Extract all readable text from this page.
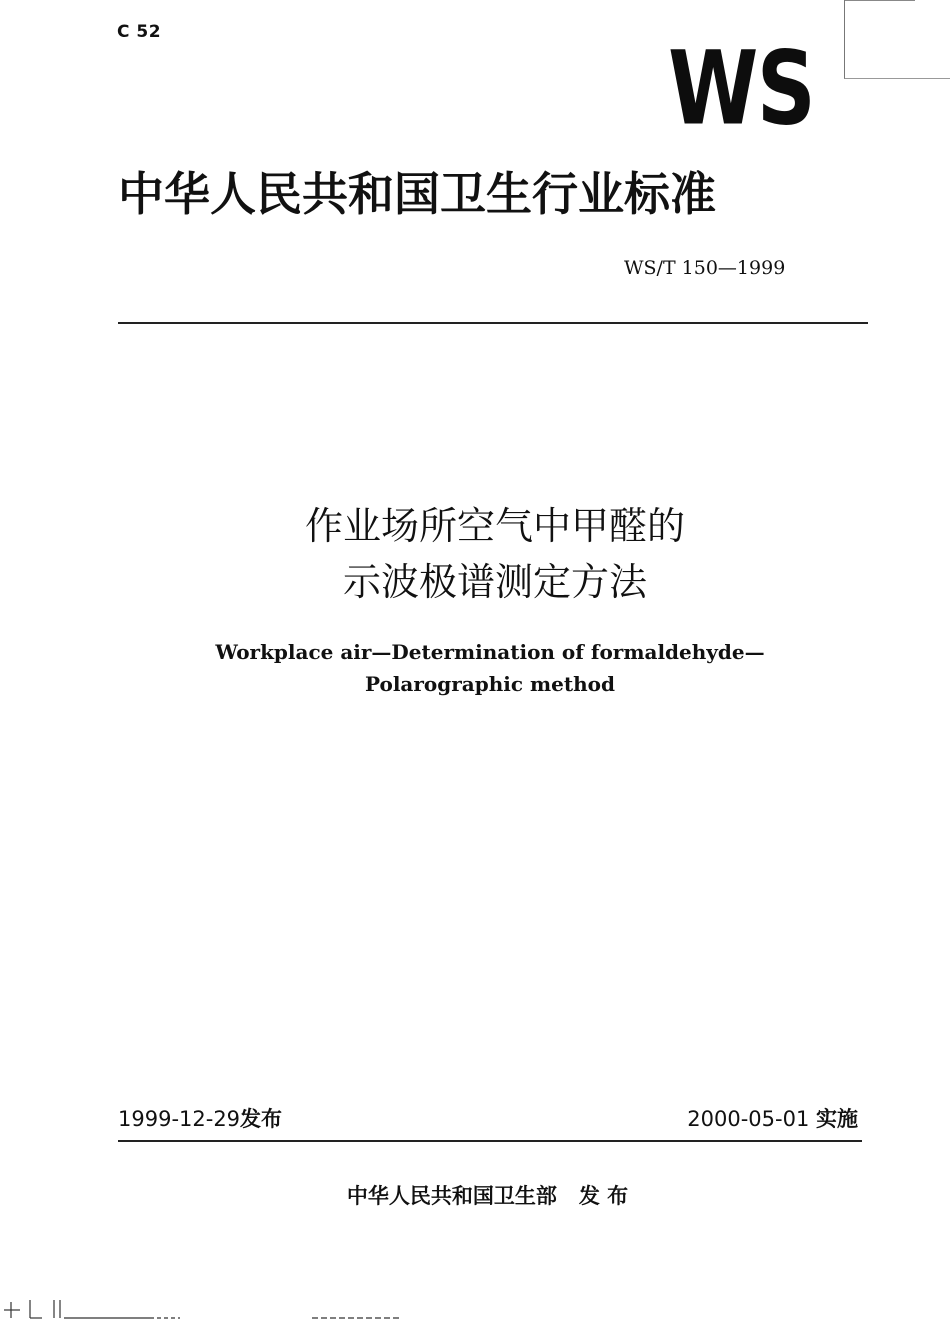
C 52	WS
中华人民共和国卫生行业标准
WS/T 150—1999
作业场所空气中甲醛的
示波极谱测定方法
Workplace air—Determination of formaldehyde—
Polarographic method
1999-12-29发布	2000-05-01 实施
中华人民共和国卫生部 发 布
